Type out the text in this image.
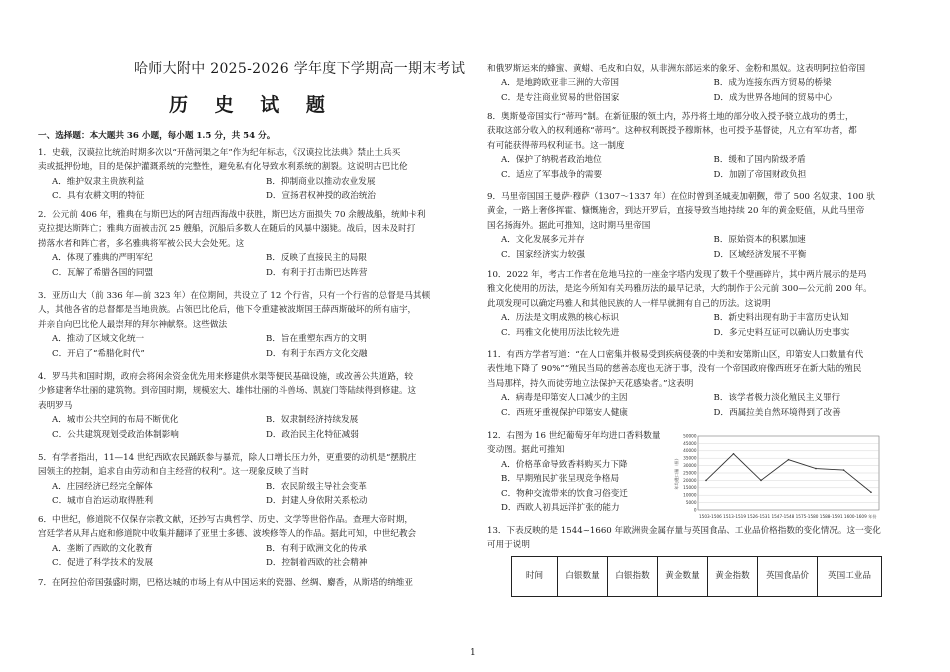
哈师大附中 2025-2026 学年度下学期高一期末考试
历 史 试 题
一、选择题：本大题共 36 小题，每小题 1.5 分，共 54 分。
1．史载，汉谟拉比统治时期多次以“开凿河渠之年”作为纪年标志，《汉谟拉比法典》禁止土兵买
卖或抵押份地，目的是保护灌溉系统的完整性，避免私有化导致水利系统的割裂。这说明古巴比伦
A．维护奴隶主贵族利益	B．抑制商业以推动农业发展
C．具有农耕文明的特征	D．宣扬君权神授的政治统治
2．公元前 406 年，雅典在与斯巴达的阿吉纽西海战中获胜，斯巴达方面损失 70 余艘战船，统帅卡利
克拉提达斯阵亡；雅典方面被击沉 25 艘船，沉船后多数人在随后的风暴中溺毙。战后，因未及时打
捞落水者和阵亡者，多名雅典将军被公民大会处死。这
A．体现了雅典的严明军纪	B．反映了直接民主的局限
C．瓦解了希腊各国的同盟	D．有利于打击斯巴达阵营
3．亚历山大（前 336 年—前 323 年）在位期间，共设立了 12 个行省，只有一个行省的总督是马其顿
人，其他各省的总督都是当地贵族。占领巴比伦后，他下令重建被波斯国王薛西斯破坏的所有庙宇，
并亲自向巴比伦人最崇拜的拜尔神献祭。这些做法
A．推动了区域文化统一	B．旨在重塑东西方的文明
C．开启了“希腊化时代”	D．有利于东西方文化交融
4．罗马共和国时期，政府会将闲余资金优先用来修建供水渠等便民基础设施，或改善公共道路，较
少修建奢华壮丽的建筑物。到帝国时期，规模宏大、雄伟壮丽的斗兽场、凯旋门等陆续得到修建。这
表明罗马
A．城市公共空间的布局不断优化	B．奴隶制经济持续发展
C．公共建筑现划受政治体制影响	D．政治民主化特征减弱
5．有学者指出，11—14 世纪西欧农民踊跃参与暴荒，除人口增长压力外，更重要的动机是“摆脱庄
园领主的控制，追求自由劳动和自主经营的权利”。这一现象反映了当时
A．庄园经济已经完全解体	B．农民阶级主导社会变革
C．城市自治运动取得胜利	D．封建人身依附关系松动
6．中世纪，修道院不仅保存宗教文献，还抄写古典哲学、历史、文学等世俗作品。查理大帝时期，
宫廷学者从拜占庭和修道院中收集并翻译了亚里士多德、波埃修等人的作品。据此可知，中世纪教会
A．垄断了西欧的文化教育	B．有利于欧洲文化的传承
C．促进了科学技术的发展	D．控制着西欧的社会精神
7．在阿拉伯帝国强盛时期，巴格达城的市场上有从中国运来的瓷器、丝绸、麝香，从斯塔的纳维亚
和俄罗斯运来的蜂蜜、黄蜡、毛皮和白奴，从非洲东部运来的象牙、金粉和黑奴。这表明阿拉伯帝国
A．是地跨欧亚非三洲的大帝国	B．成为连接东西方贸易的桥梁
C．是专注商业贸易的世俗国家	D．成为世界各地间的贸易中心
8．奥斯曼帝国实行“蒂玛”制。在新征服的领土内，苏丹将土地的部分收入授予骁立战功的勇士，
获取这部分收入的权利通称“蒂玛”。这种权利既授予穆斯林，也可授予基督徒，凡立有军功者，都
有可能获得蒂玛权利证书。这一制度
A．保护了纳税者政治地位	B．缓和了国内阶级矛盾
C．适应了军事战争的需要	D．加剧了帝国财政负担
9．马里帝国国王曼萨·穆萨（1307～1337 年）在位时曾到圣城麦加朝觐，带了 500 名奴隶、100 驮
黄金，一路上奢侈挥霍、慷慨施舍，到达开罗后，直接导致当地持续 20 年的黄金贬值，从此马里帝
国名扬海外。据此可推知，这时期马里帝国
A．文化发展多元并存	B．原始资本的积累加速
C．国家经济实力较强	D．区域经济发展不平衡
10．2022 年，考古工作者在危地马拉的一座金字塔内发现了数千个壁画碎片，其中两片展示的是玛
雅文化使用的历法，是迄今所知有关玛雅历法的最早记录，大约制作于公元前 300—公元前 200 年。
此项发现可以确定玛雅人和其他民族的人一样早就拥有自己的历法。这说明
A．历法是文明成熟的核心标识	B．新史料出现有助于丰富历史认知
C．玛雅文化使用历法比较先进	D．多元史料互证可以确认历史事实
11．有西方学者写道：“在人口密集并极易受到疾病侵袭的中美和安第斯山区，印第安人口数量有代
表性地下降了 90%”“殖民当局的慈善态度也无济于事，没有一个帝国政府像西班牙在新大陆的殖民
当局那样，持久而徒劳地立法保护天花感染者。”这表明
A．病毒是印第安人口减少的主因	B．该学者极力淡化殖民主义罪行
C．西班牙重视保护印第安人健康	D．西属拉美自然环境得到了改善
12．右图为 16 世纪葡萄牙年均进口香料数量
变动图。据此可推知
A．价格革命导致香料购买力下降
B．早期殖民扩张呈现竞争格局
C．物种交流带来的饮食习俗变迁
D．西欧人初具远洋扩张的能力	0
5000
10000
15000
20000
25000
30000
35000
40000
45000
50000
年均进口量（担）
1503-1506 1513-1519 1526-1531 1547-1548 1575-1580 1588-1591 1600-1609 年份
13．下表反映的是 1544~1660 年欧洲贵金属存量与英国食品、工业品价格指数的变化情况。这一变化
可用于说明
时间	白银数量	白银指数	黄金数量	黄金指数	英国食品价	英国工业品
1
